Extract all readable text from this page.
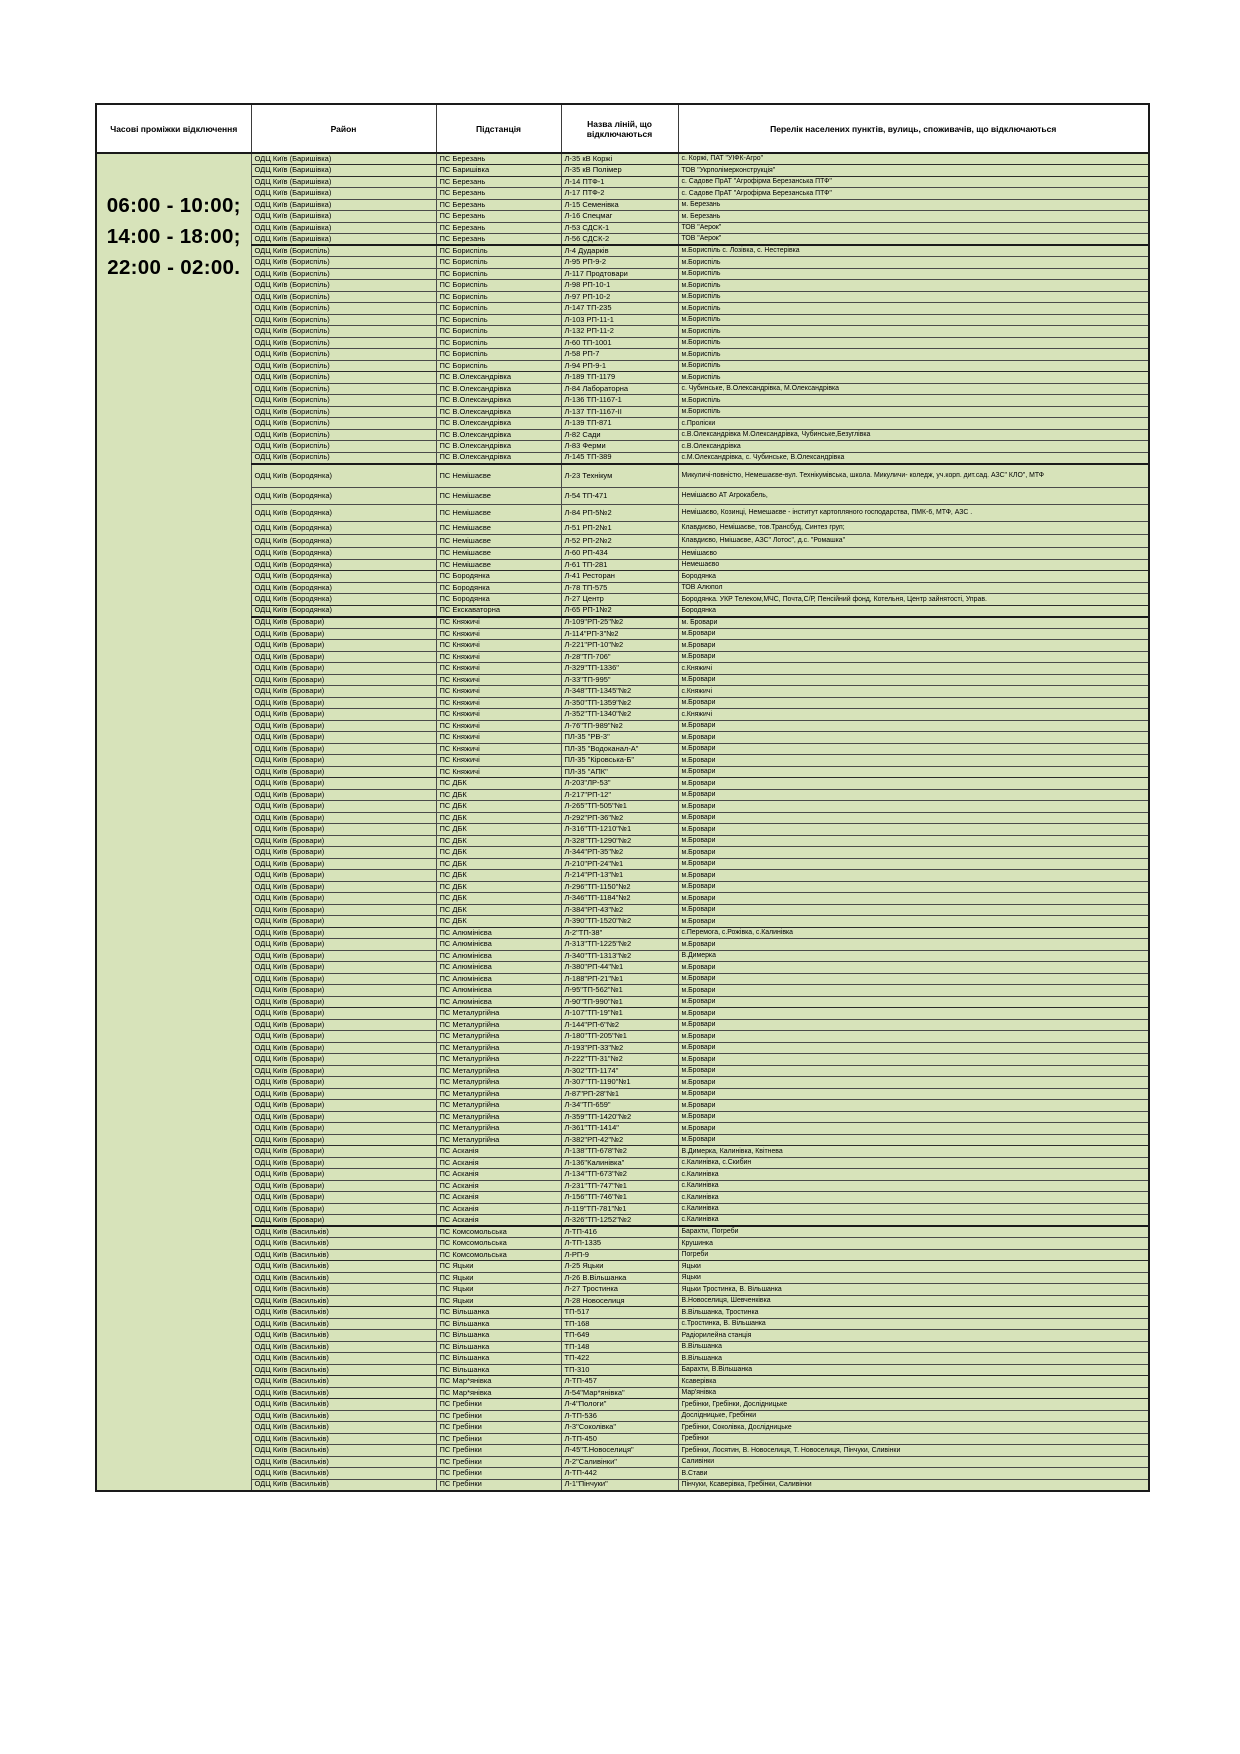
Часові проміжки відключення	Район	Підстанція	Назва ліній, що відключаються	Перелік населених пунктів, вулиць, споживачів, що відключаються

06:00 - 10:00;
14:00 - 18:00;
22:00 - 02:00.	ОДЦ Київ (Баришівка)	ПС Березань	Л-35 кВ Коржі	с. Коржі, ПАТ "УІФК-Агро"
	ОДЦ Київ (Баришівка)	ПС Баришівка	Л-35 кВ Полімер	ТОВ "Укрполімерконструкція"
	ОДЦ Київ (Баришівка)	ПС Березань	Л-14 ПТФ-1	с. Садове ПрАТ "Агрофірма Березанська ПТФ"
	ОДЦ Київ (Баришівка)	ПС Березань	Л-17 ПТФ-2	с. Садове ПрАТ "Агрофірма Березанська ПТФ"
	ОДЦ Київ (Баришівка)	ПС Березань	Л-15 Семенівка	м. Березань
	ОДЦ Київ (Баришівка)	ПС Березань	Л-16 Спецмаг	м. Березань
	ОДЦ Київ (Баришівка)	ПС Березань	Л-53 СДСК-1	ТОВ "Аерок"
	ОДЦ Київ (Баришівка)	ПС Березань	Л-56 СДСК-2	ТОВ "Аерок"
	ОДЦ Київ (Бориспіль)	ПС Бориспіль	Л-4 Дударків	м.Бориспіль с. Лозівка, с. Нестерівка
	ОДЦ Київ (Бориспіль)	ПС Бориспіль	Л-95 РП-9-2	м.Бориспіль
	ОДЦ Київ (Бориспіль)	ПС Бориспіль	Л-117 Продтовари	м.Бориспіль
	ОДЦ Київ (Бориспіль)	ПС Бориспіль	Л-98 РП-10-1	м.Бориспіль
	ОДЦ Київ (Бориспіль)	ПС Бориспіль	Л-97 РП-10-2	м.Бориспіль
	ОДЦ Київ (Бориспіль)	ПС Бориспіль	Л-147 ТП-235	м.Бориспіль
	ОДЦ Київ (Бориспіль)	ПС Бориспіль	Л-103 РП-11-1	м.Бориспіль
	ОДЦ Київ (Бориспіль)	ПС Бориспіль	Л-132 РП-11-2	м.Бориспіль
	ОДЦ Київ (Бориспіль)	ПС Бориспіль	Л-60 ТП-1001	м.Бориспіль
	ОДЦ Київ (Бориспіль)	ПС Бориспіль	Л-58 РП-7	м.Бориспіль
	ОДЦ Київ (Бориспіль)	ПС Бориспіль	Л-94 РП-9-1	м.Бориспіль
	ОДЦ Київ (Бориспіль)	ПС В.Олександрівка	Л-189 ТП-1179	м.Бориспіль
	ОДЦ Київ (Бориспіль)	ПС В.Олександрівка	Л-84 Лабораторна	с. Чубинське, В.Олександрівка, М.Олександрівка
	ОДЦ Київ (Бориспіль)	ПС В.Олександрівка	Л-136 ТП-1167-1	м.Бориспіль
	ОДЦ Київ (Бориспіль)	ПС В.Олександрівка	Л-137 ТП-1167-II	м.Бориспіль
	ОДЦ Київ (Бориспіль)	ПС В.Олександрівка	Л-139 ТП-871	с.Проліски
	ОДЦ Київ (Бориспіль)	ПС В.Олександрівка	Л-82 Сади	с.В.Олександрівка М.Олександрівка, Чубинське,Безуглівка
	ОДЦ Київ (Бориспіль)	ПС В.Олександрівка	Л-83 Ферми	с.В.Олександрівка
	ОДЦ Київ (Бориспіль)	ПС В.Олександрівка	Л-145 ТП-389	с.М.Олександрівка, с. Чубинське, В.Олександрівка
	ОДЦ Київ (Бородянка)	ПС Немішаєве	Л-23 Технікум	Микуличі-повністю, Немешаєве-вул. Технікумівська, школа. Микуличи- коледж, уч.корп. дит.сад. АЗС" КЛО", МТФ
	ОДЦ Київ (Бородянка)	ПС Немішаєве	Л-54 ТП-471	Немішаєво АТ Агрокабель,
	ОДЦ Київ (Бородянка)	ПС Немішаєве	Л-84 РП-5№2	Немішаєво, Козинці, Немешаєве - інститут картопляного господарства, ПМК-6, МТФ, АЗС .
	ОДЦ Київ (Бородянка)	ПС Немішаєве	Л-51 РП-2№1	Клавдиєво, Немішаєве, тов.Трансбуд, Синтез груп;
	ОДЦ Київ (Бородянка)	ПС Немішаєве	Л-52 РП-2№2	Клавдиєво, Нмішаєве, АЗС" Лотос", д.с. "Ромашка"
	ОДЦ Київ (Бородянка)	ПС Немішаєве	Л-60 РП-434	Немішаєво
	ОДЦ Київ (Бородянка)	ПС Немішаєве	Л-61 ТП-281	Немешаєво
	ОДЦ Київ (Бородянка)	ПС Бородянка	Л-41 Ресторан	Бородянка
	ОДЦ Київ (Бородянка)	ПС Бородянка	Л-78 ТП-575	ТОВ Алюпол
	ОДЦ Київ (Бородянка)	ПС Бородянка	Л-27 Центр	Бородянка. УКР Телеком,МЧС, Почта,С/Р, Пенсійний фонд, Котельня, Центр зайнятості, Управ.
	ОДЦ Київ (Бородянка)	ПС Екскаваторна	Л-65 РП-1№2	Бородянка
	ОДЦ Київ (Бровари)	ПС Княжичі	Л-109"РП-25"№2	м. Бровари
	ОДЦ Київ (Бровари)	ПС Княжичі	Л-114"РП-3"№2	м.Бровари
	ОДЦ Київ (Бровари)	ПС Княжичі	Л-221"РП-10"№2	м.Бровари
	ОДЦ Київ (Бровари)	ПС Княжичі	Л-28"ТП-706"	м.Бровари
	ОДЦ Київ (Бровари)	ПС Княжичі	Л-329"ТП-1336"	с.Княжичі
	ОДЦ Київ (Бровари)	ПС Княжичі	Л-33"ТП-995"	м.Бровари
	ОДЦ Київ (Бровари)	ПС Княжичі	Л-348"ТП-1345"№2	с.Княжичі
	ОДЦ Київ (Бровари)	ПС Княжичі	Л-350"ТП-1359"№2	м.Бровари
	ОДЦ Київ (Бровари)	ПС Княжичі	Л-352"ТП-1340"№2	с.Княжичі
	ОДЦ Київ (Бровари)	ПС Княжичі	Л-76"ТП-989"№2	м.Бровари
	ОДЦ Київ (Бровари)	ПС Княжичі	ПЛ-35 "РВ-3"	м.Бровари
	ОДЦ Київ (Бровари)	ПС Княжичі	ПЛ-35 "Водоканал-А"	м.Бровари
	ОДЦ Київ (Бровари)	ПС Княжичі	ПЛ-35 "Кіровська-Б"	м.Бровари
	ОДЦ Київ (Бровари)	ПС Княжичі	ПЛ-35 "АПК"	м.Бровари
	ОДЦ Київ (Бровари)	ПС ДБК	Л-203"ЛР-53"	м.Бровари
	ОДЦ Київ (Бровари)	ПС ДБК	Л-217"РП-12"	м.Бровари
	ОДЦ Київ (Бровари)	ПС ДБК	Л-265"ТП-505"№1	м.Бровари
	ОДЦ Київ (Бровари)	ПС ДБК	Л-292"РП-36"№2	м.Бровари
	ОДЦ Київ (Бровари)	ПС ДБК	Л-316"ТП-1210"№1	м.Бровари
	ОДЦ Київ (Бровари)	ПС ДБК	Л-328"ТП-1290"№2	м.Бровари
	ОДЦ Київ (Бровари)	ПС ДБК	Л-344"РП-35"№2	м.Бровари
	ОДЦ Київ (Бровари)	ПС ДБК	Л-210"РП-24"№1	м.Бровари
	ОДЦ Київ (Бровари)	ПС ДБК	Л-214"РП-13"№1	м.Бровари
	ОДЦ Київ (Бровари)	ПС ДБК	Л-296"ТП-1150"№2	м.Бровари
	ОДЦ Київ (Бровари)	ПС ДБК	Л-346"ТП-1184"№2	м.Бровари
	ОДЦ Київ (Бровари)	ПС ДБК	Л-384"РП-43"№2	м.Бровари
	ОДЦ Київ (Бровари)	ПС ДБК	Л-390"ТП-1520"№2	м.Бровари
	ОДЦ Київ (Бровари)	ПС Алюмінієва	Л-2"ТП-38"	с.Перемога, с.Рожівка, с.Калинівка
	ОДЦ Київ (Бровари)	ПС Алюмінієва	Л-313"ТП-1225"№2	м.Бровари
	ОДЦ Київ (Бровари)	ПС Алюмінієва	Л-340"ТП-1313"№2	В.Димерка
	ОДЦ Київ (Бровари)	ПС Алюмінієва	Л-380"РП-44"№1	м.Бровари
	ОДЦ Київ (Бровари)	ПС Алюмінієва	Л-188"РП-21"№1	м.Бровари
	ОДЦ Київ (Бровари)	ПС Алюмінієва	Л-95"ТП-562"№1	м.Бровари
	ОДЦ Київ (Бровари)	ПС Алюмінієва	Л-90"ТП-990"№1	м.Бровари
	ОДЦ Київ (Бровари)	ПС Металургійна	Л-107"ТП-19"№1	м.Бровари
	ОДЦ Київ (Бровари)	ПС Металургійна	Л-144"РП-6"№2	м.Бровари
	ОДЦ Київ (Бровари)	ПС Металургійна	Л-180"ТП-205"№1	м.Бровари
	ОДЦ Київ (Бровари)	ПС Металургійна	Л-193"РП-33"№2	м.Бровари
	ОДЦ Київ (Бровари)	ПС Металургійна	Л-222"ТП-31"№2	м.Бровари
	ОДЦ Київ (Бровари)	ПС Металургійна	Л-302"ТП-1174"	м.Бровари
	ОДЦ Київ (Бровари)	ПС Металургійна	Л-307"ТП-1190"№1	м.Бровари
	ОДЦ Київ (Бровари)	ПС Металургійна	Л-87"РП-28"№1	м.Бровари
	ОДЦ Київ (Бровари)	ПС Металургійна	Л-34"ТП-659"	м.Бровари
	ОДЦ Київ (Бровари)	ПС Металургійна	Л-359"ТП-1420"№2	м.Бровари
	ОДЦ Київ (Бровари)	ПС Металургійна	Л-361"ТП-1414"	м.Бровари
	ОДЦ Київ (Бровари)	ПС Металургійна	Л-382"РП-42"№2	м.Бровари
	ОДЦ Київ (Бровари)	ПС Асканія	Л-138"ТП-678"№2	В.Димерка, Калинівка, Квітнева
	ОДЦ Київ (Бровари)	ПС Асканія	Л-136"Калинівка"	с.Калинівка, с.Скибин
	ОДЦ Київ (Бровари)	ПС Асканія	Л-134"ТП-673"№2	с.Калинівка
	ОДЦ Київ (Бровари)	ПС Асканія	Л-231"ТП-747"№1	с.Калинівка
	ОДЦ Київ (Бровари)	ПС Асканія	Л-156"ТП-746"№1	с.Калинівка
	ОДЦ Київ (Бровари)	ПС Асканія	Л-119"ТП-781"№1	с.Калинівка
	ОДЦ Київ (Бровари)	ПС Асканія	Л-326"ТП-1252"№2	с.Калинівка
	ОДЦ Київ (Васильків)	ПС Комсомольська	Л-ТП-416	Барахти, Погреби
	ОДЦ Київ (Васильків)	ПС Комсомольська	Л-ТП-1335	Крушинка
	ОДЦ Київ (Васильків)	ПС Комсомольська	Л-РП-9	Погреби
	ОДЦ Київ (Васильків)	ПС Яцьки	Л-25 Яцьки	Яцьки
	ОДЦ Київ (Васильків)	ПС Яцьки	Л-26 В.Вільшанка	Яцьки
	ОДЦ Київ (Васильків)	ПС Яцьки	Л-27 Тростинка	Яцьки Тростинка, В. Вільшанка
	ОДЦ Київ (Васильків)	ПС Яцьки	Л-28 Новоселиця	В.Новоселиця, Шевченківка
	ОДЦ Київ (Васильків)	ПС Вільшанка	ТП-517	В.Вільшанка, Тростинка
	ОДЦ Київ (Васильків)	ПС Вільшанка	ТП-168	с.Тростинка, В. Вільшанка
	ОДЦ Київ (Васильків)	ПС Вільшанка	ТП-649	Радіорилейна станція
	ОДЦ Київ (Васильків)	ПС Вільшанка	ТП-148	В.Вільшанка
	ОДЦ Київ (Васильків)	ПС Вільшанка	ТП-422	В.Вільшанка
	ОДЦ Київ (Васильків)	ПС Вільшанка	ТП-310	Барахти, В.Вільшанка
	ОДЦ Київ (Васильків)	ПС Мар*янівка	Л-ТП-457	Ксаверівка
	ОДЦ Київ (Васильків)	ПС Мар*янівка	Л-54"Мар*янівка"	Мар'янівка
	ОДЦ Київ (Васильків)	ПС Гребінки	Л-4"Пологи"	Гребінки, Гребінки, Дослідницьке
	ОДЦ Київ (Васильків)	ПС Гребінки	Л-ТП-536	Дослідницьке, Гребінки
	ОДЦ Київ (Васильків)	ПС Гребінки	Л-3"Соколівка"	Гребінки, Соколівка, Дослідницьке
	ОДЦ Київ (Васильків)	ПС Гребінки	Л-ТП-450	Гребінки
	ОДЦ Київ (Васильків)	ПС Гребінки	Л-45"Т.Новоселиця"	Гребінки, Лосятин, В. Новоселиця, Т. Новоселиця, Пінчуки, Сливінки
	ОДЦ Київ (Васильків)	ПС Гребінки	Л-2"Саливінки"	Саливінки
	ОДЦ Київ (Васильків)	ПС Гребінки	Л-ТП-442	В.Стави
	ОДЦ Київ (Васильків)	ПС Гребінки	Л-1"Пінчуки"	Пінчуки, Ксаверівка, Гребінки, Саливінки
